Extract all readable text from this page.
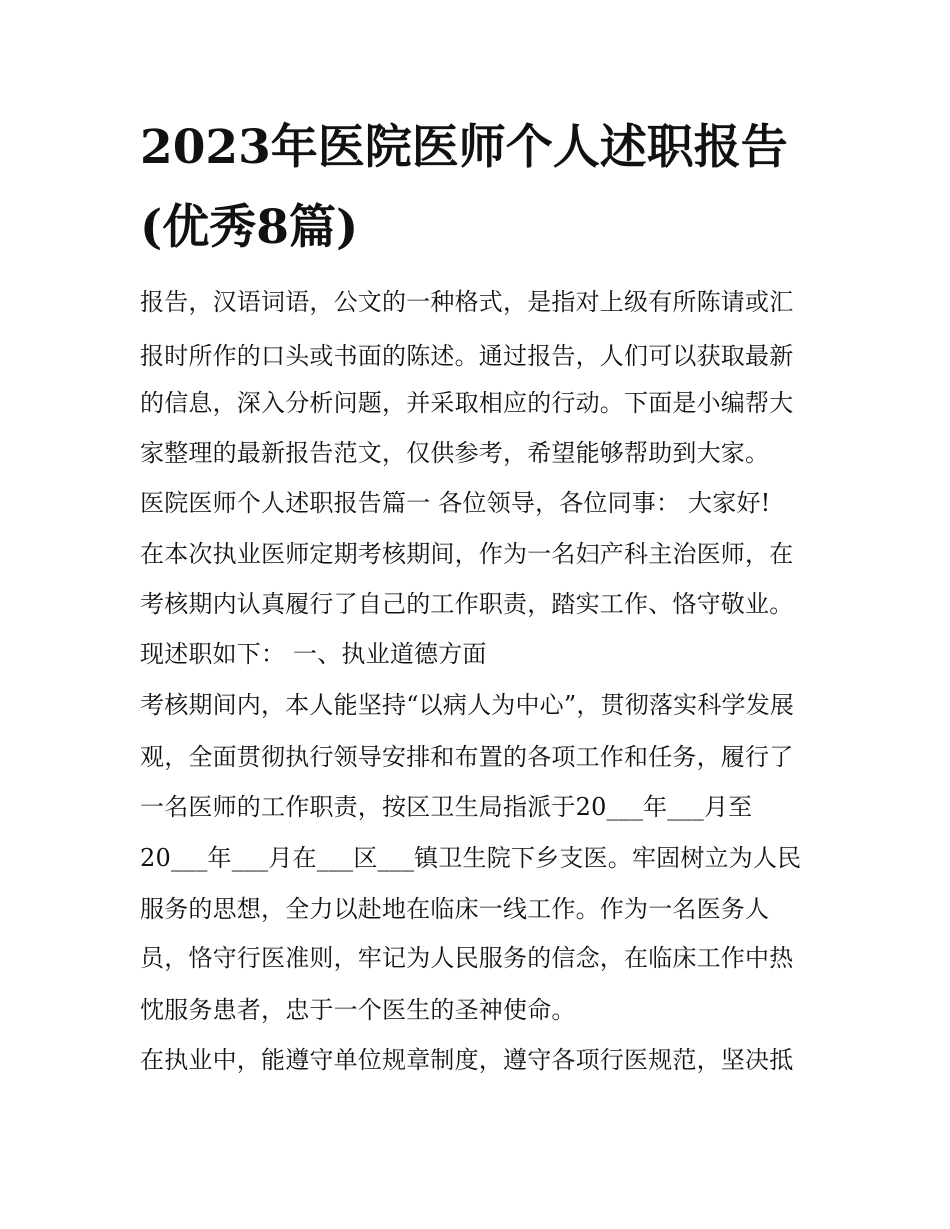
2023年医院医师个人述职报告
(优秀8篇)

报告，汉语词语，公文的一种格式，是指对上级有所陈请或汇

报时所作的口头或书面的陈述。通过报告，人们可以获取最新

的信息，深入分析问题，并采取相应的行动。下面是小编帮大

家整理的最新报告范文，仅供参考，希望能够帮助到大家。

医院医师个人述职报告篇一 各位领导，各位同事： 大家好!

在本次执业医师定期考核期间，作为一名妇产科主治医师，在

考核期内认真履行了自己的工作职责，踏实工作、恪守敬业。

现述职如下： 一、执业道德方面

考核期间内，本人能坚持“以病人为中心”，贯彻落实科学发展

观，全面贯彻执行领导安排和布置的各项工作和任务，履行了

一名医师的工作职责，按区卫生局指派于20___年___月至

20___年___月在___区___镇卫生院下乡支医。牢固树立为人民

服务的思想，全力以赴地在临床一线工作。作为一名医务人

员，恪守行医准则，牢记为人民服务的信念，在临床工作中热

忱服务患者，忠于一个医生的圣神使命。

在执业中，能遵守单位规章制度，遵守各项行医规范，坚决抵
